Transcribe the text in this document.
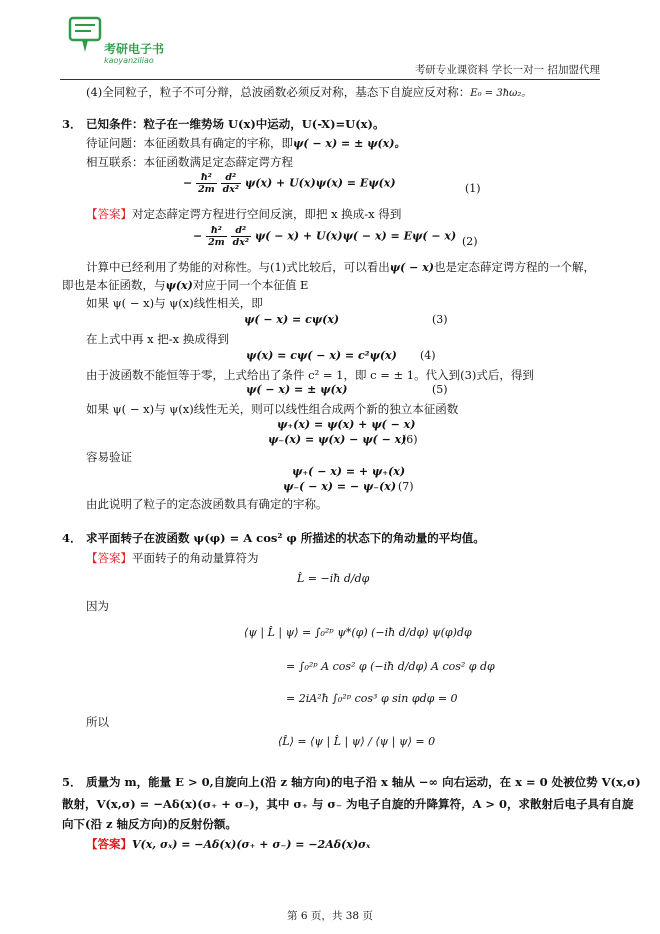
考研电子书
kaoyanziliao
考研专业课资料 学长一对一 招加盟代理
(4)全同粒子，粒子不可分辩，总波函数必须反对称，基态下自旋应反对称：E₀ = 3ħω₂。
3． 已知条件：粒子在一维势场 U(x)中运动，U(-X)=U(x)。
待证问题：本征函数具有确定的宇称，即ψ( − x) = ± ψ(x)。
相互联系：本征函数满足定态薛定谔方程
− $\frac{\text{ħ²}}{2m}$
$\frac{\text{d²}}{\text{dx²}} \psi(x) + U(x)\psi(x) = E\psi(x)$	(1)
【答案】对定态薛定谔方程进行空间反演，即把 x 换成-x 得到
− $\frac{\text{ħ²}}{2m}$
$\frac{\text{d²}}{\text{dx²}} \psi( - x) + U(x)\psi( - x) = E\psi( - x)$ (2)
计算中已经利用了势能的对称性。与(1)式比较后，可以看出ψ( − x)也是定态薛定谔方程的一个解，
即也是本征函数，与ψ(x)对应于同一个本征值 E
如果 ψ( − x)与 ψ(x)线性相关，即
ψ( − x) = cψ(x)	(3)
在上式中再 x 把-x 换成得到
ψ(x) = cψ( − x) = c²ψ(x) (4)
由于波函数不能恒等于零，上式给出了条件 c² = 1，即 c = ± 1。代入到(3)式后，得到
ψ( − x) = ± ψ(x)	(5)
如果 ψ( − x)与 ψ(x)线性无关，则可以线性组合成两个新的独立本征函数
ψ₊(x) = ψ(x) + ψ( − x)
ψ₋(x) = ψ(x) − ψ( − x)
(6)
容易验证
ψ₊( − x) = + ψ₊(x)
ψ₋( − x) = − ψ₋(x) (7)
由此说明了粒子的定态波函数具有确定的宇称。
4． 求平面转子在波函数 ψ(φ) = A cos² φ 所描述的状态下的角动量的平均值。
【答案】平面转子的角动量算符为
L̂ = −iħ d/dφ
因为
⟨ψ | L̂ | ψ⟩ = ∫₀²ᵖ ψ*(φ) (−iħ d/dφ) ψ(φ)dφ
= ∫₀²ᵖ A cos² φ (−iħ d/dφ) A cos² φ dφ
= 2iA²ħ ∫₀²ᵖ cos³ φ sin φdφ = 0
所以
⟨L̂⟩ = ⟨ψ | L̂ | ψ⟩ / ⟨ψ | ψ⟩ = 0
5． 质量为 m，能量 E > 0,自旋向上(沿 z 轴方向)的电子沿 x 轴从 −∞ 向右运动，在 x = 0 处被位势 V(x,σ)
散射，V(x,σ) = −Aδ(x)(σ₊ + σ₋)，其中 σ₊ 与 σ₋ 为电子自旋的升降算符，A > 0，求散射后电子具有自旋
向下(沿 z 轴反方向)的反射份额。
【答案】V(x, σₓ) = −Aδ(x)(σ₊ + σ₋) = −2Aδ(x)σₓ
第 6 页，共 38 页
